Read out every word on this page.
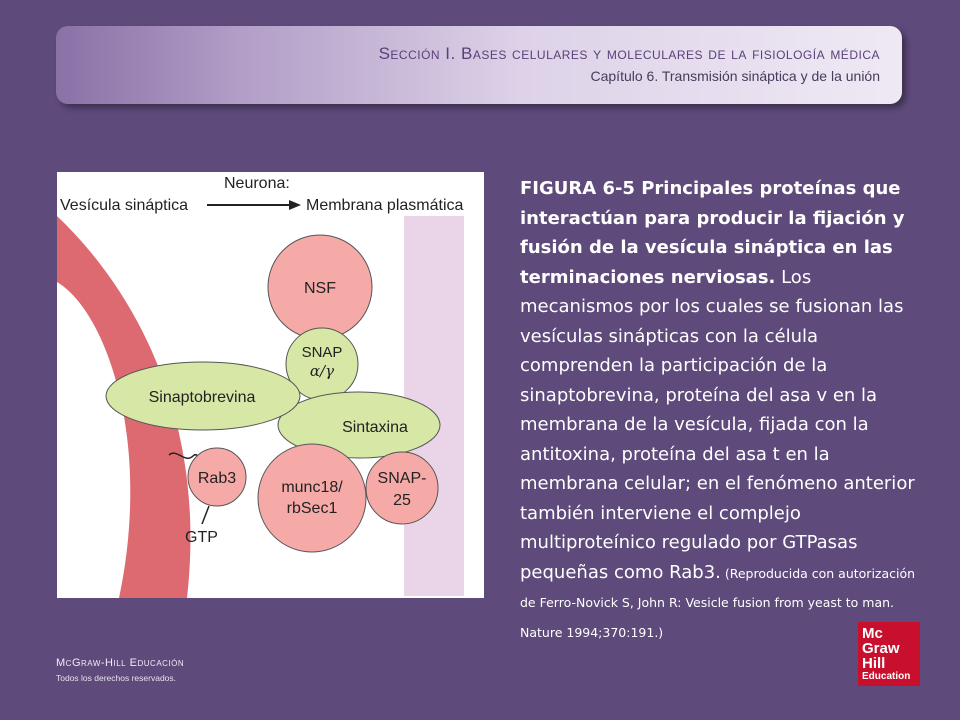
Sección I. Bases celulares y moleculares de la fisiología médica
Capítulo 6. Transmisión sináptica y de la unión
Neurona:
Vesícula sináptica	Membrana plasmática
NSF
SNAP
α/γ
Sintaxina
Sinaptobrevina
munc18/
rbSec1
SNAP-
25
Rab3
GTP
FIGURA 6-5 Principales proteínas que interactúan para producir la fijación y fusión de la vesícula sináptica en las terminaciones nerviosas. Los mecanismos por los cuales se fusionan las vesículas sinápticas con la célula comprenden la participación de la sinaptobrevina, proteína del asa v en la membrana de la vesícula, fijada con la antitoxina, proteína del asa t en la membrana celular; en el fenómeno anterior también interviene el complejo multiproteínico regulado por GTPasas pequeñas como Rab3. (Reproducida con autorización de Ferro-Novick S, John R: Vesicle fusion from yeast to man. Nature 1994;370:191.)
McGraw-Hill Educación
Todos los derechos reservados.
Mc
Graw
Hill
Education
